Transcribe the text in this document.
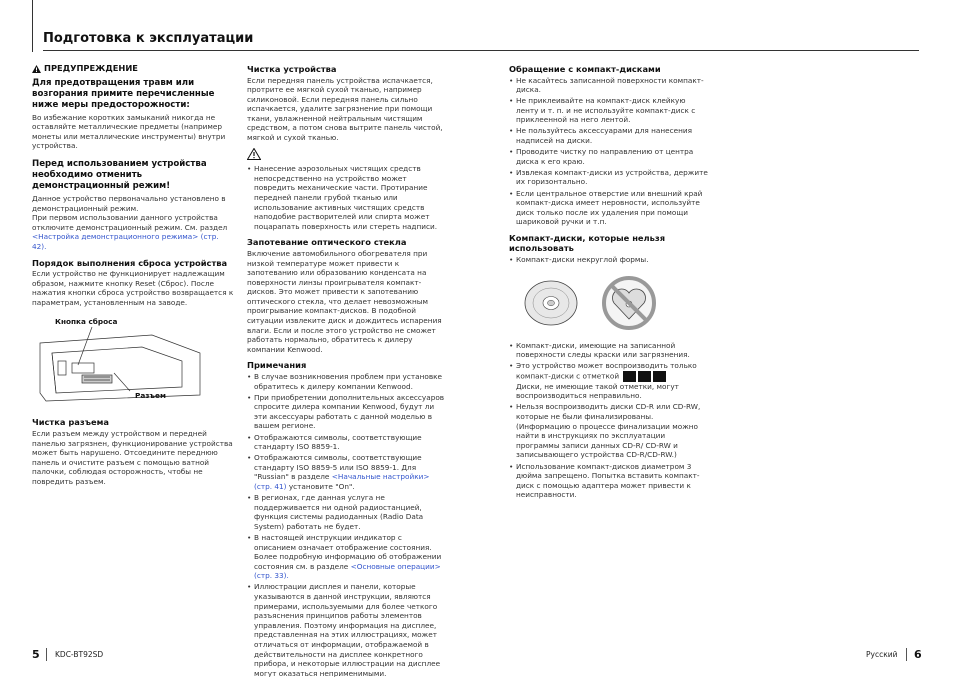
Подготовка к эксплуатации
ПРЕДУПРЕЖДЕНИЕ
Для предотвращения травм или возгорания примите перечисленные ниже меры предосторожности:

Во избежание коротких замыканий никогда не оставляйте металлические предметы (например монеты или металлические инструменты) внутри устройства.

Перед использованием устройства необходимо отменить демонстрационный режим!

Данное устройство первоначально установлено в демонстрационный режим.

При первом использовании данного устройства отключите демонстрационный режим. См. раздел
<Настройка демонстрационного режима> (стр. 42).

Порядок выполнения сброса устройства

Если устройство не функционирует надлежащим образом, нажмите кнопку Reset (Сброс). После нажатия кнопки сброса устройство возвращается к параметрам, установленным на заводе.

Кнопка сброса
Разъем
Чистка разъема

Если разъем между устройством и передней панелью загрязнен, функционирование устройства может быть нарушено. Отсоедините переднюю панель и очистите разъем с помощью ватной палочки, соблюдая осторожность, чтобы не повредить разъем.

Чистка устройства

Если передняя панель устройства испачкается, протрите ее мягкой сухой тканью, например силиконовой. Если передняя панель сильно испачкается, удалите загрязнение при помощи ткани, увлажненной нейтральным чистящим средством, а потом снова вытрите панель чистой, мягкой и сухой тканью.

• Нанесение аэрозольных чистящих средств непосредственно на устройство может повредить механические части. Протирание передней панели грубой тканью или использование активных чистящих средств наподобие растворителей или спирта может поцарапать поверхность или стереть надписи.
Запотевание оптического стекла

Включение автомобильного обогревателя при низкой температуре может привести к запотеванию или образованию конденсата на поверхности линзы проигрывателя компакт-дисков. Это может привести к запотеванию оптического стекла, что делает невозможным проигрывание компакт-дисков. В подобной ситуации извлеките диск и дождитесь испарения влаги. Если и после этого устройство не сможет работать нормально, обратитесь к дилеру компании Kenwood.

Примечания
• В случае возникновения проблем при установке обратитесь к дилеру компании Kenwood.
• При приобретении дополнительных аксессуаров спросите дилера компании Kenwood, будут ли эти аксессуары работать с данной моделью в вашем регионе.
• Отображаются символы, соответствующие стандарту ISO 8859-1.
• Отображаются символы, соответствующие стандарту ISO 8859-5 или ISO 8859-1. Для "Russian" в разделе <Начальные настройки> (стр. 41) установите "On".
• В регионах, где данная услуга не поддерживается ни одной радиостанцией, функция системы радиоданных (Radio Data System) работать не будет.
• В настоящей инструкции индикатор с описанием означает отображение состояния. Более подробную информацию об отображении состояния см. в разделе <Основные операции> (стр. 33).
• Иллюстрации дисплея и панели, которые указываются в данной инструкции, являются примерами, используемыми для более четкого разъяснения принципов работы элементов управления. Поэтому информация на дисплее, представленная на этих иллюстрациях, может отличаться от информации, отображаемой в действительности на дисплее конкретного прибора, и некоторые иллюстрации на дисплее могут оказаться неприменимыми.
Обращение с компакт-дисками
• Не касайтесь записанной поверхности компакт-диска.
• Не приклеивайте на компакт-диск клейкую ленту и т. п. и не используйте компакт-диск с приклеенной на него лентой.
• Не пользуйтесь аксессуарами для нанесения надписей на диски.
• Проводите чистку по направлению от центра диска к его краю.
• Извлекая компакт-диски из устройства, держите их горизонтально.
• Если центральное отверстие или внешний край компакт-диска имеет неровности, используйте диск только после их удаления при помощи шариковой ручки и т.п.
Компакт-диски, которые нельзя использовать
• Компакт-диски некруглой формы.
• Компакт-диски, имеющие на записанной поверхности следы краски или загрязнения.
• Это устройство может воспроизводить только компакт-диски с отметкой
Диски, не имеющие такой отметки, могут воспроизводиться неправильно.
• Нельзя воспроизводить диски CD-R или CD-RW, которые не были финализированы. (Информацию о процессе финализации можно найти в инструкциях по эксплуатации программы записи данных CD-R/ CD-RW и записывающего устройства CD-R/CD-RW.)
• Использование компакт-дисков диаметром 3 дюйма запрещено. Попытка вставить компакт-диск с помощью адаптера может привести к неисправности.
5 KDC-BT92SD	Русский 6
